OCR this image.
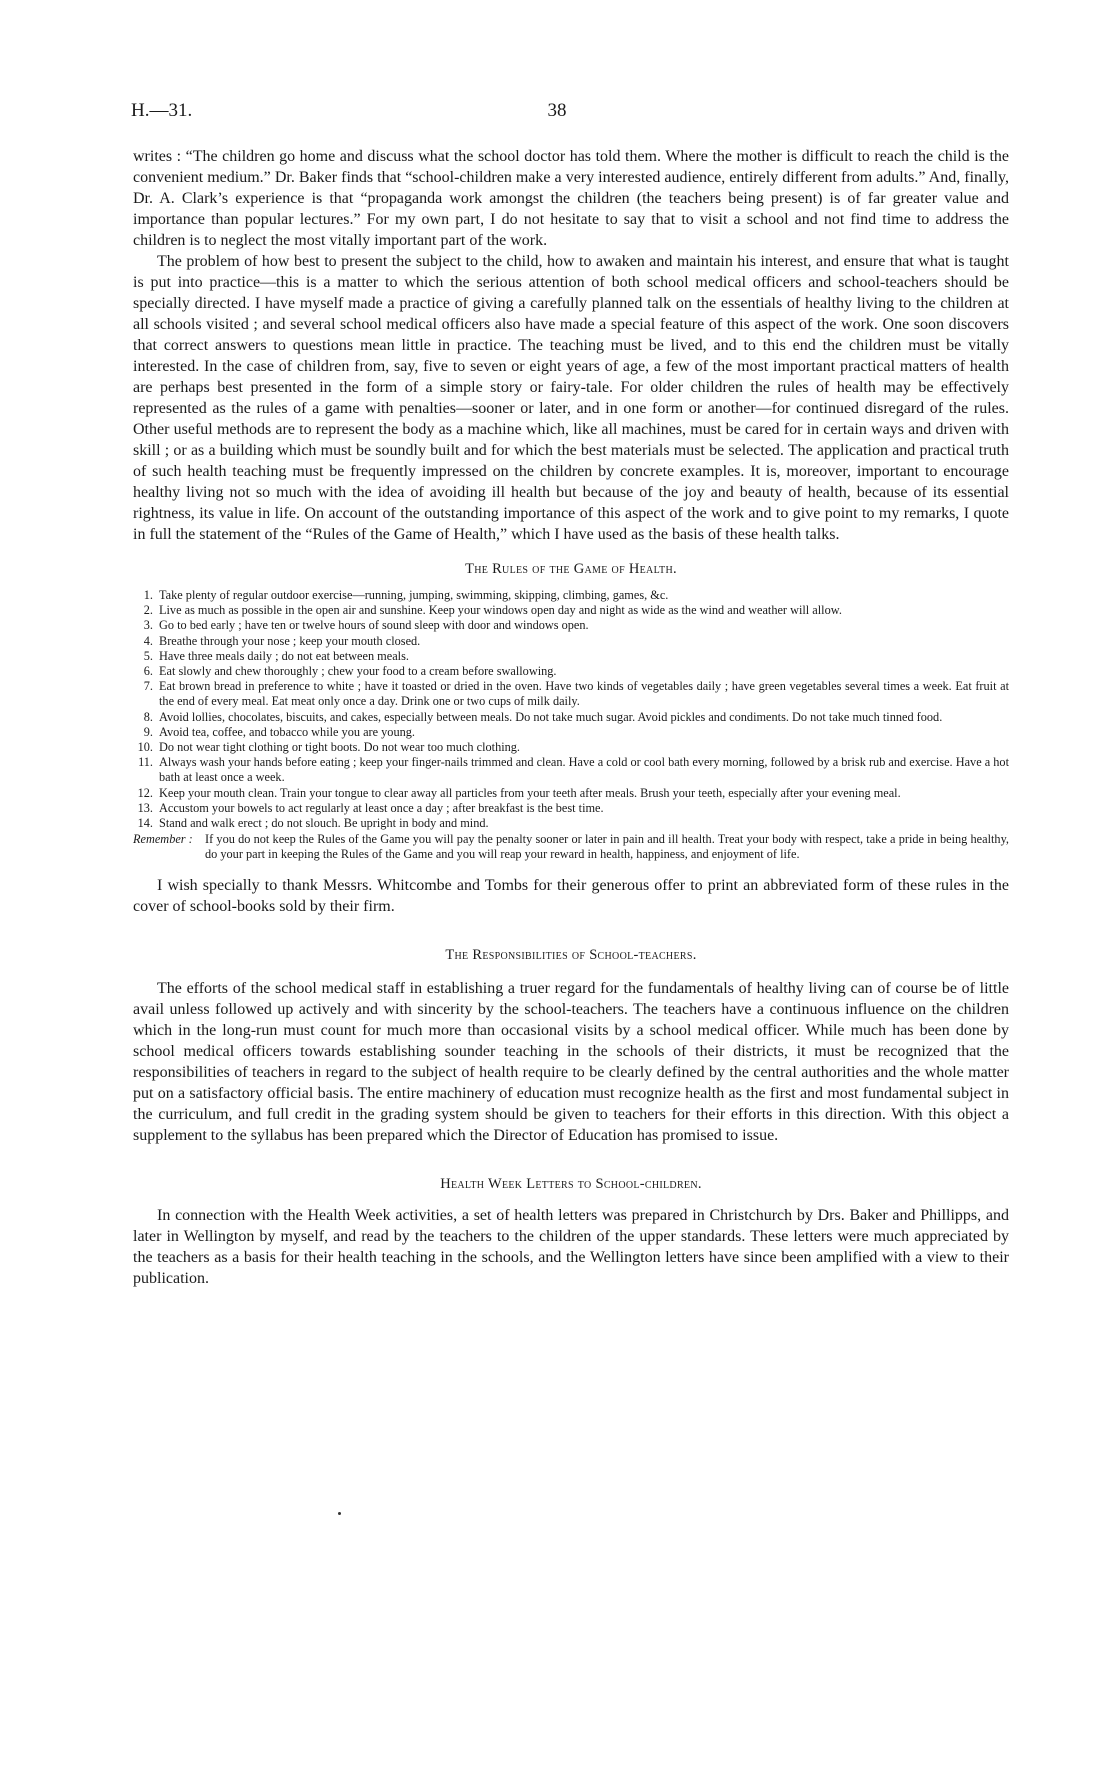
H.—31.	38

writes : “The children go home and discuss what the school doctor has told them. Where the mother is difficult to reach the child is the convenient medium.” Dr. Baker finds that “school-children make a very interested audience, entirely different from adults.” And, finally, Dr. A. Clark’s experience is that “propaganda work amongst the children (the teachers being present) is of far greater value and importance than popular lectures.” For my own part, I do not hesitate to say that to visit a school and not find time to address the children is to neglect the most vitally important part of the work.

The problem of how best to present the subject to the child, how to awaken and maintain his interest, and ensure that what is taught is put into practice—this is a matter to which the serious attention of both school medical officers and school-teachers should be specially directed. I have myself made a practice of giving a carefully planned talk on the essentials of healthy living to the children at all schools visited ; and several school medical officers also have made a special feature of this aspect of the work. One soon discovers that correct answers to questions mean little in practice. The teaching must be lived, and to this end the children must be vitally interested. In the case of children from, say, five to seven or eight years of age, a few of the most important practical matters of health are perhaps best presented in the form of a simple story or fairy-tale. For older children the rules of health may be effectively represented as the rules of a game with penalties—sooner or later, and in one form or another—for continued disregard of the rules. Other useful methods are to represent the body as a machine which, like all machines, must be cared for in certain ways and driven with skill ; or as a building which must be soundly built and for which the best materials must be selected. The application and practical truth of such health teaching must be frequently impressed on the children by concrete examples. It is, moreover, important to encourage healthy living not so much with the idea of avoiding ill health but because of the joy and beauty of health, because of its essential rightness, its value in life. On account of the outstanding importance of this aspect of the work and to give point to my remarks, I quote in full the statement of the “Rules of the Game of Health,” which I have used as the basis of these health talks.

The Rules of the Game of Health.
1. Take plenty of regular outdoor exercise—running, jumping, swimming, skipping, climbing, games, &c.
2. Live as much as possible in the open air and sunshine. Keep your windows open day and night as wide as the wind and weather will allow.
3. Go to bed early ; have ten or twelve hours of sound sleep with door and windows open.
4. Breathe through your nose ; keep your mouth closed.
5. Have three meals daily ; do not eat between meals.
6. Eat slowly and chew thoroughly ; chew your food to a cream before swallowing.
7. Eat brown bread in preference to white ; have it toasted or dried in the oven. Have two kinds of vegetables daily ; have green vegetables several times a week. Eat fruit at the end of every meal. Eat meat only once a day. Drink one or two cups of milk daily.
8. Avoid lollies, chocolates, biscuits, and cakes, especially between meals. Do not take much sugar. Avoid pickles and condiments. Do not take much tinned food.
9. Avoid tea, coffee, and tobacco while you are young.
10. Do not wear tight clothing or tight boots. Do not wear too much clothing.
11. Always wash your hands before eating ; keep your finger-nails trimmed and clean. Have a cold or cool bath every morning, followed by a brisk rub and exercise. Have a hot bath at least once a week.
12. Keep your mouth clean. Train your tongue to clear away all particles from your teeth after meals. Brush your teeth, especially after your evening meal.
13. Accustom your bowels to act regularly at least once a day ; after breakfast is the best time.
14. Stand and walk erect ; do not slouch. Be upright in body and mind.
Remember : If you do not keep the Rules of the Game you will pay the penalty sooner or later in pain and ill health. Treat your body with respect, take a pride in being healthy, do your part in keeping the Rules of the Game and you will reap your reward in health, happiness, and enjoyment of life.

I wish specially to thank Messrs. Whitcombe and Tombs for their generous offer to print an abbreviated form of these rules in the cover of school-books sold by their firm.

The Responsibilities of School-teachers.

The efforts of the school medical staff in establishing a truer regard for the fundamentals of healthy living can of course be of little avail unless followed up actively and with sincerity by the school-teachers. The teachers have a continuous influence on the children which in the long-run must count for much more than occasional visits by a school medical officer. While much has been done by school medical officers towards establishing sounder teaching in the schools of their districts, it must be recognized that the responsibilities of teachers in regard to the subject of health require to be clearly defined by the central authorities and the whole matter put on a satisfactory official basis. The entire machinery of education must recognize health as the first and most fundamental subject in the curriculum, and full credit in the grading system should be given to teachers for their efforts in this direction. With this object a supplement to the syllabus has been prepared which the Director of Education has promised to issue.

Health Week Letters to School-children.

In connection with the Health Week activities, a set of health letters was prepared in Christchurch by Drs. Baker and Phillipps, and later in Wellington by myself, and read by the teachers to the children of the upper standards. These letters were much appreciated by the teachers as a basis for their health teaching in the schools, and the Wellington letters have since been amplified with a view to their publication.
